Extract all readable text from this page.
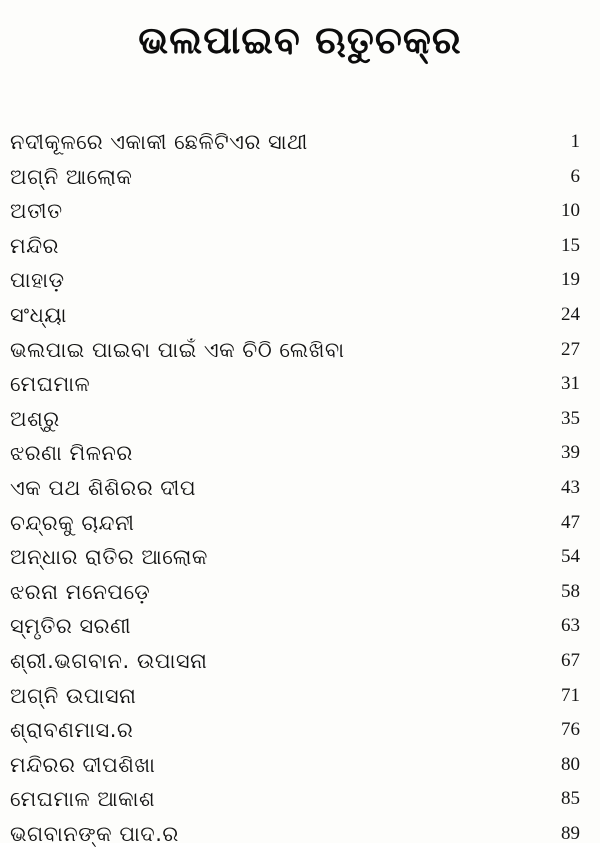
ଭଲପାଇବ ଋତୁଚକ୍ର
ନଦୀକୂଳରେ ଏକାକୀ ଛେଳିଟିଏର ସାଥୀ	1
ଅଗ୍ନି ଆଲୋକ	6
ଅତୀତ	10
ମନ୍ଦିର	15
ପାହାଡ଼	19
ସଂଧ୍ୟା	24
ଭଲପାଇ ପାଇବା ପାଇଁ ଏକ ଚିଠି ଲେଖିବା	27
ମେଘମାଳ	31
ଅଶ୍ରୁ	35
ଝରଣା ମିଳନର	39
ଏକ ପଥ ଶିଶିରର ଦୀପ	43
ଚନ୍ଦ୍ରକୁ ଚାନ୍ଦନୀ	47
ଅନ୍ଧାର ରାତିର ଆଲୋକ	54
ଝରନା ମନେପଡ଼େ	58
ସ୍ମୃତିର ସରଣୀ	63
ଶ୍ରୀ.ଭଗବାନ. ଉପାସନା	67
ଅଗ୍ନି ଉପାସନା	71
ଶ୍ରାବଣମାସ.ର	76
ମନ୍ଦିରର ଦୀପଶିଖା	80
ମେଘମାଳ ଆକାଶ	85
ଭଗବାନଙ୍କ ପାଦ.ର	89
